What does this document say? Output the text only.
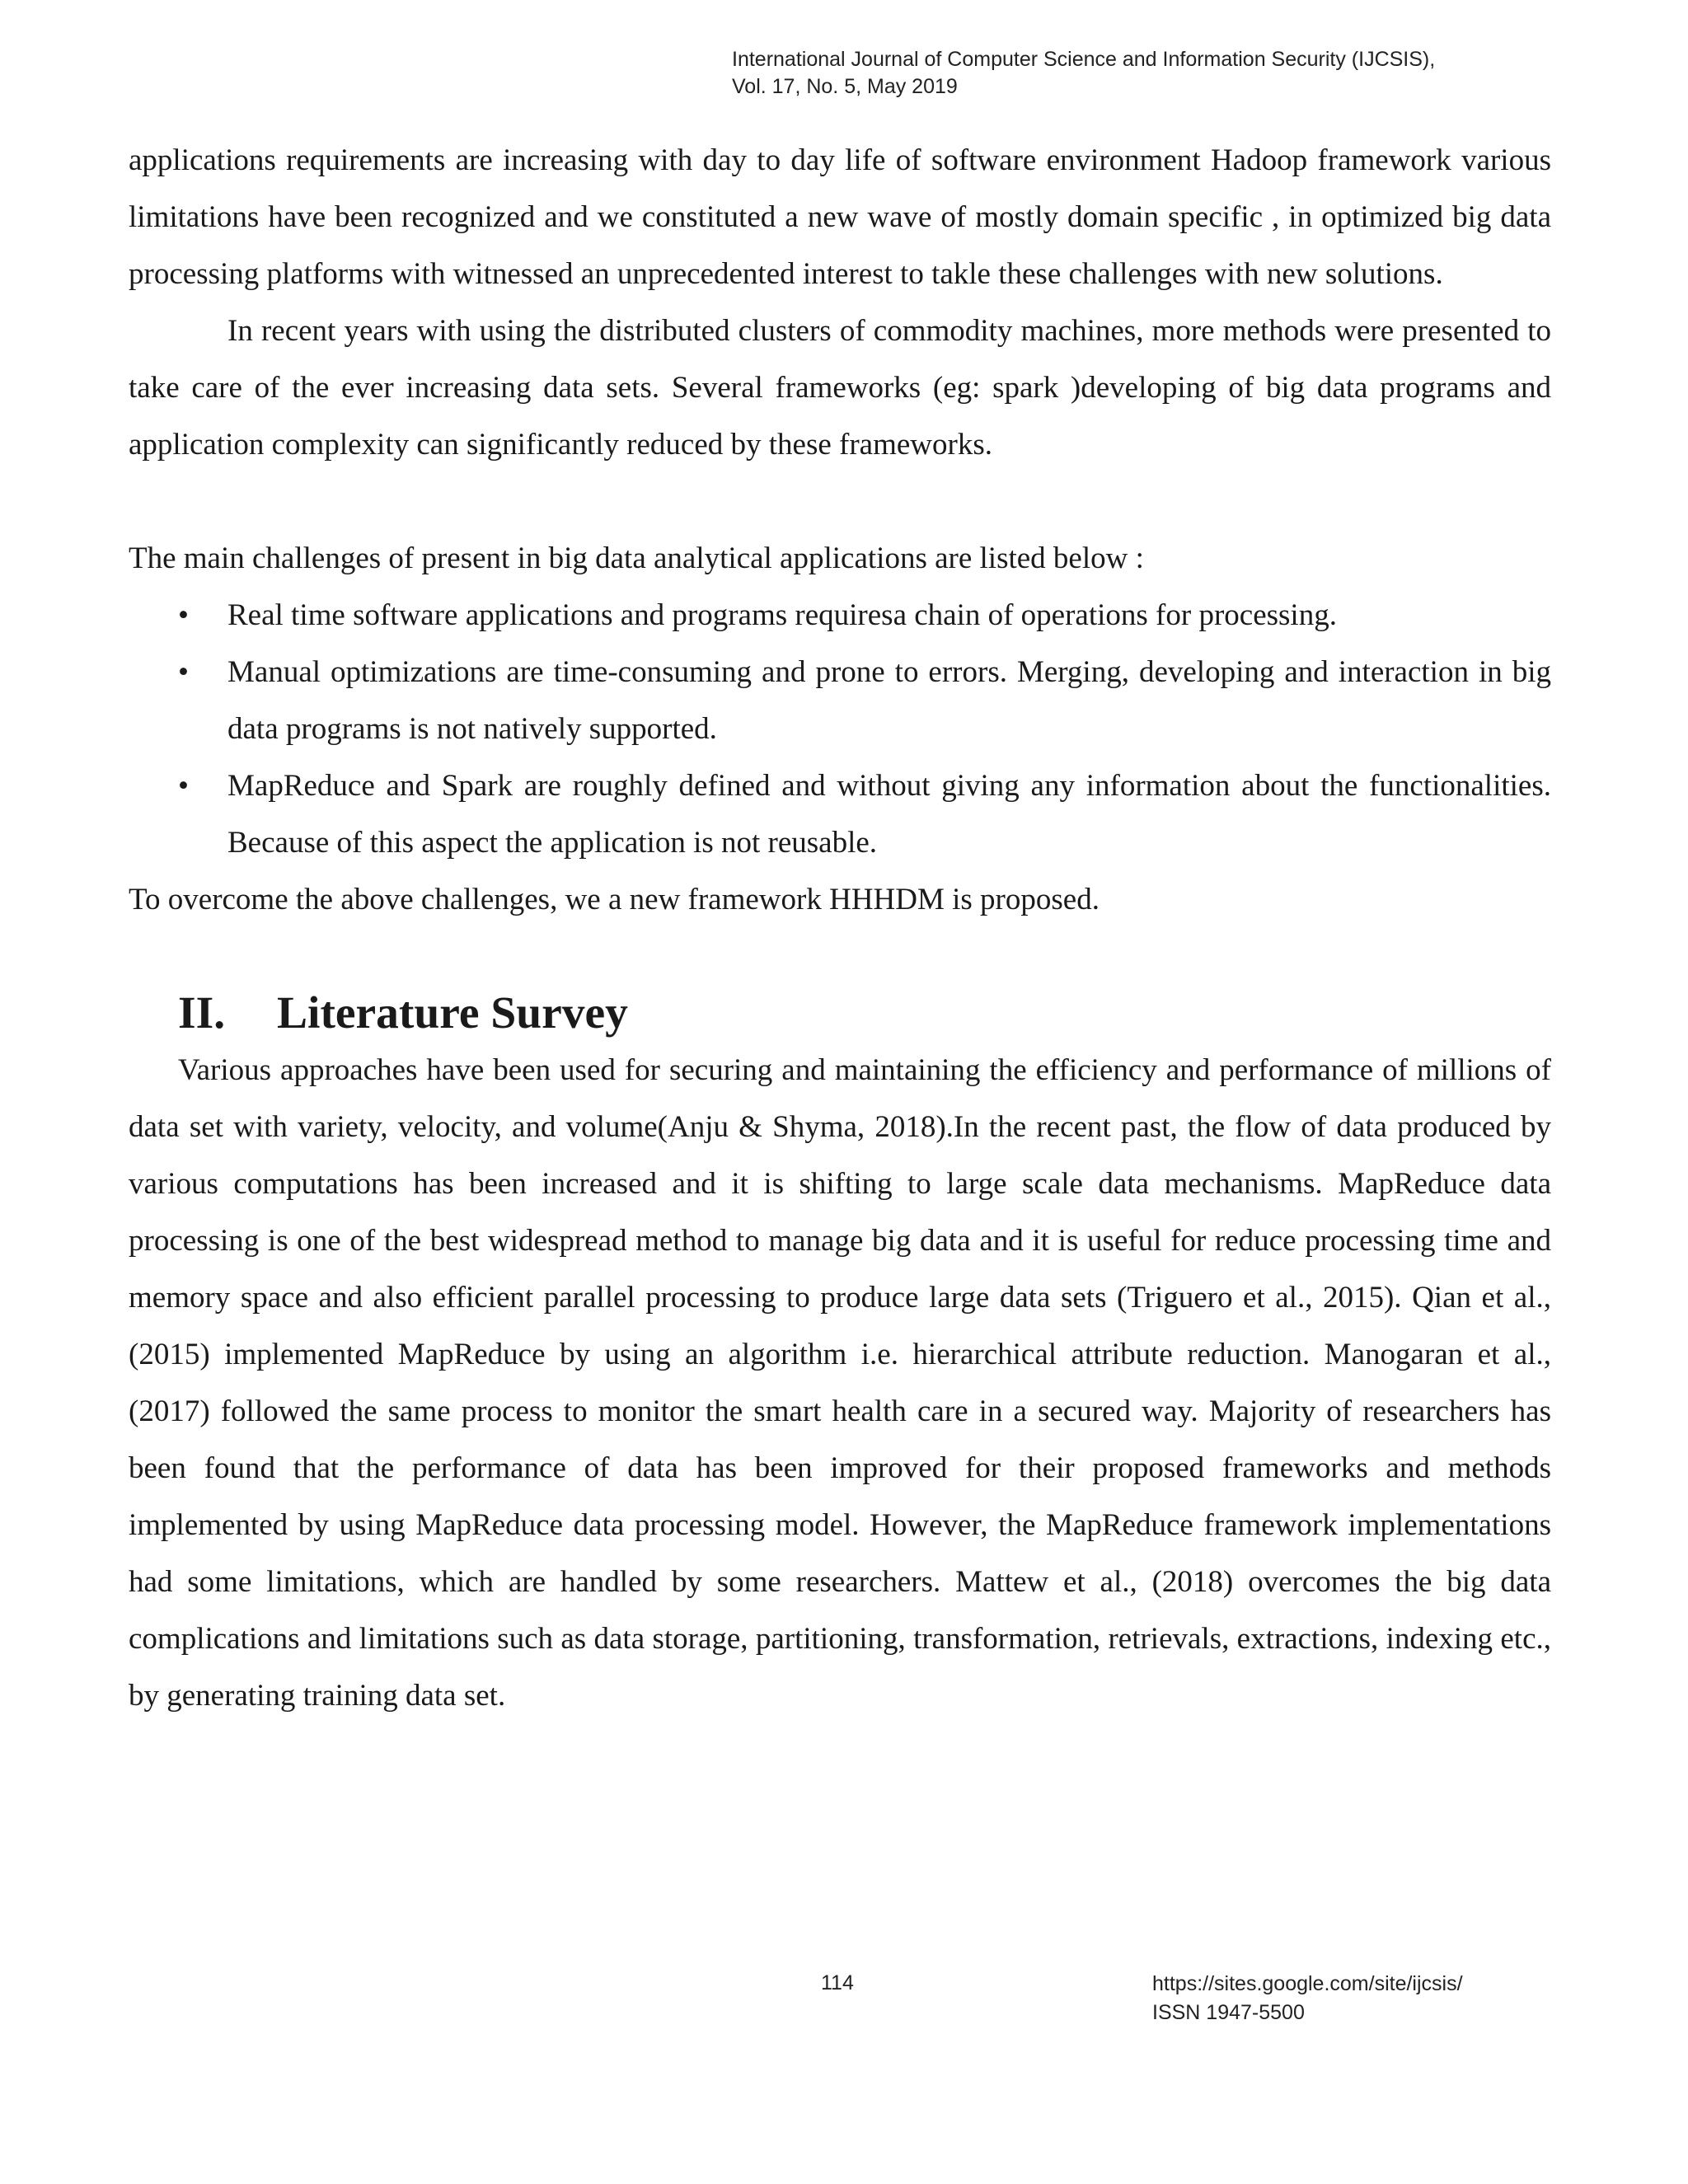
International Journal of Computer Science and Information Security (IJCSIS),
Vol. 17, No. 5, May 2019

applications requirements are increasing with day to day life of software environment Hadoop framework various limitations have been recognized and we constituted a new wave of mostly domain specific , in optimized big data processing platforms with witnessed an unprecedented interest to takle these challenges with new solutions.

In recent years with using the distributed clusters of commodity machines, more methods were presented to take care of the ever increasing data sets. Several frameworks (eg: spark )developing of big data programs and application complexity can significantly reduced by these frameworks.

The main challenges of present in big data analytical applications are listed below :

•	Real time software applications and programs requiresa chain of operations for processing.
•	Manual optimizations are time-consuming and prone to errors. Merging, developing and interaction in big data programs is not natively supported.
•	MapReduce and Spark are roughly defined and without giving any information about the functionalities. Because of this aspect the application is not reusable.

To overcome the above challenges, we a new framework HHHDM is proposed.

II. Literature Survey

Various approaches have been used for securing and maintaining the efficiency and performance of millions of data set with variety, velocity, and volume(Anju & Shyma, 2018).In the recent past, the flow of data produced by various computations has been increased and it is shifting to large scale data mechanisms. MapReduce data processing is one of the best widespread method to manage big data and it is useful for reduce processing time and memory space and also efficient parallel processing to produce large data sets (Triguero et al., 2015). Qian et al., (2015) implemented MapReduce by using an algorithm i.e. hierarchical attribute reduction. Manogaran et al., (2017) followed the same process to monitor the smart health care in a secured way. Majority of researchers has been found that the performance of data has been improved for their proposed frameworks and methods implemented by using MapReduce data processing model. However, the MapReduce framework implementations had some limitations, which are handled by some researchers. Mattew et al., (2018) overcomes the big data complications and limitations such as data storage, partitioning, transformation, retrievals, extractions, indexing etc., by generating training data set.

114	https://sites.google.com/site/ijcsis/
ISSN 1947-5500
